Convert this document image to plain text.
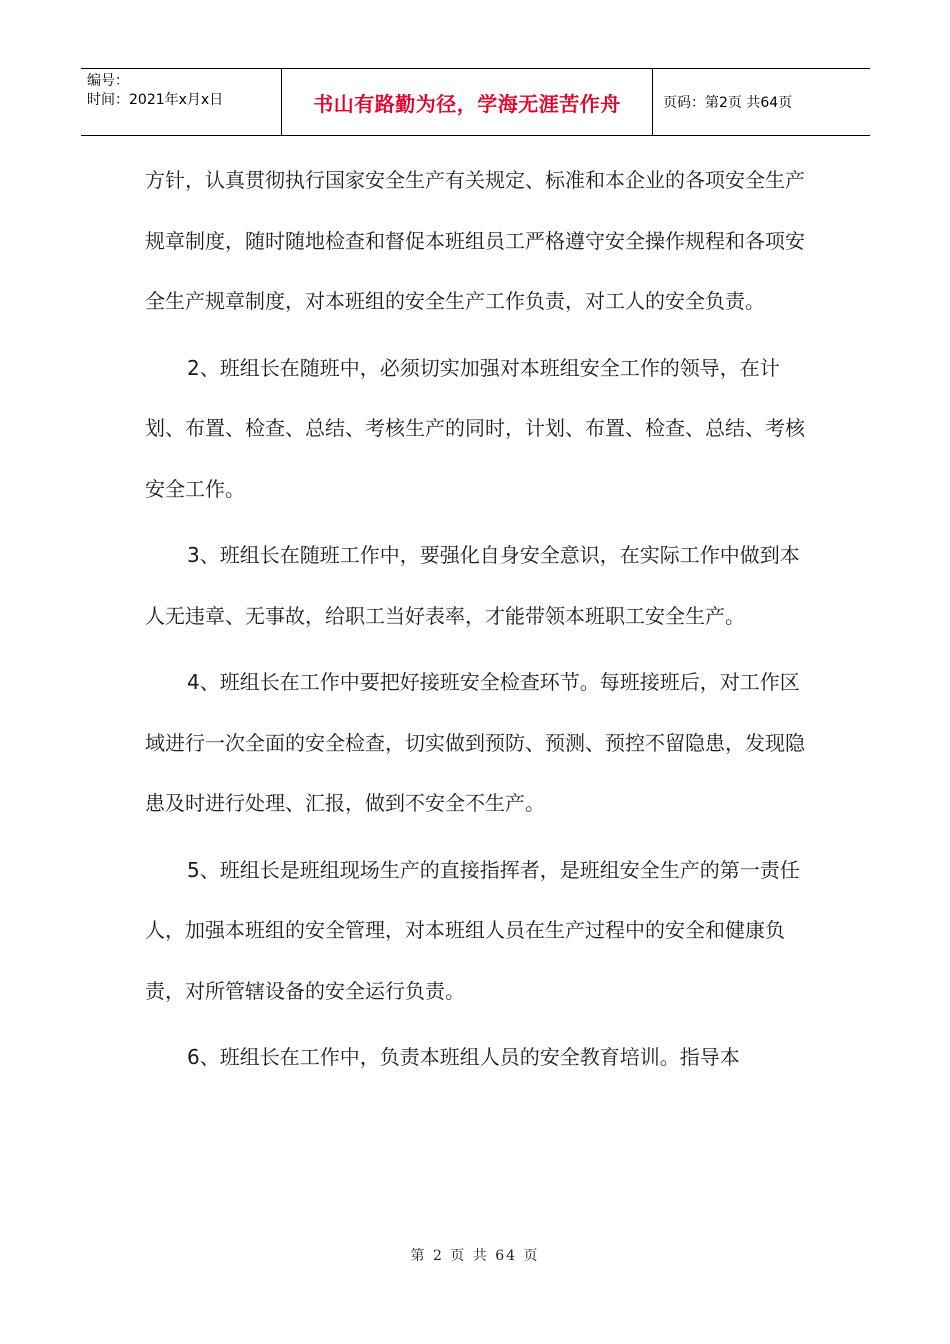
编号：
时间：2021年x月x日	书山有路勤为径，学海无涯苦作舟	页码：第2页 共64页

方针，认真贯彻执行国家安全生产有关规定、标准和本企业的各项安全生产规章制度，随时随地检查和督促本班组员工严格遵守安全操作规程和各项安全生产规章制度，对本班组的安全生产工作负责，对工人的安全负责。

2、班组长在随班中，必须切实加强对本班组安全工作的领导，在计划、布置、检查、总结、考核生产的同时，计划、布置、检查、总结、考核安全工作。

3、班组长在随班工作中，要强化自身安全意识，在实际工作中做到本人无违章、无事故，给职工当好表率，才能带领本班职工安全生产。

4、班组长在工作中要把好接班安全检查环节。每班接班后，对工作区域进行一次全面的安全检查，切实做到预防、预测、预控不留隐患，发现隐患及时进行处理、汇报，做到不安全不生产。

5、班组长是班组现场生产的直接指挥者，是班组安全生产的第一责任人，加强本班组的安全管理，对本班组人员在生产过程中的安全和健康负责，对所管辖设备的安全运行负责。

6、班组长在工作中，负责本班组人员的安全教育培训。指导本

第 2 页 共 64 页
